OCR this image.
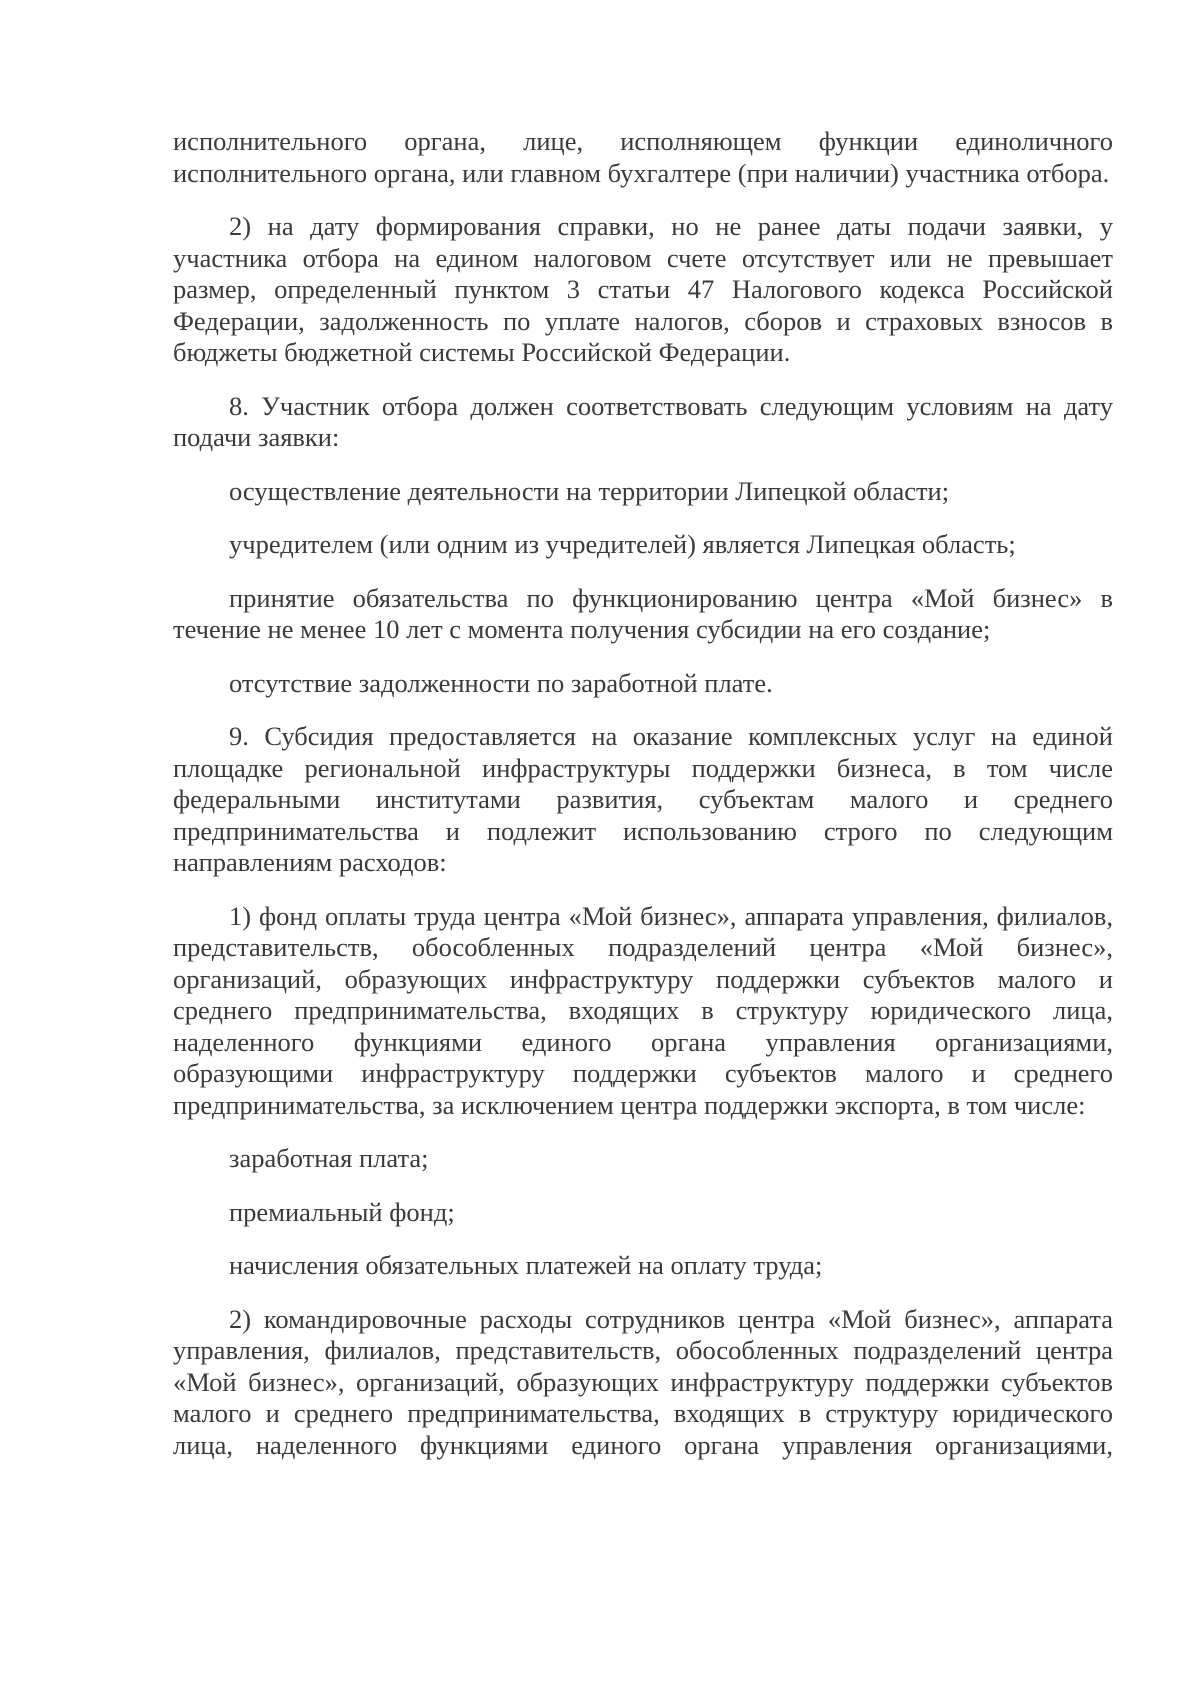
исполнительного органа, лице, исполняющем функции единоличного исполнительного органа, или главном бухгалтере (при наличии) участника отбора.

2) на дату формирования справки, но не ранее даты подачи заявки, у участника отбора на едином налоговом счете отсутствует или не превышает размер, определенный пунктом 3 статьи 47 Налогового кодекса Российской Федерации, задолженность по уплате налогов, сборов и страховых взносов в бюджеты бюджетной системы Российской Федерации.

8. Участник отбора должен соответствовать следующим условиям на дату подачи заявки:

осуществление деятельности на территории Липецкой области;

учредителем (или одним из учредителей) является Липецкая область;

принятие обязательства по функционированию центра «Мой бизнес» в течение не менее 10 лет с момента получения субсидии на его создание;

отсутствие задолженности по заработной плате.

9. Субсидия предоставляется на оказание комплексных услуг на единой площадке региональной инфраструктуры поддержки бизнеса, в том числе федеральными институтами развития, субъектам малого и среднего предпринимательства и подлежит использованию строго по следующим направлениям расходов:

1) фонд оплаты труда центра «Мой бизнес», аппарата управления, филиалов, представительств, обособленных подразделений центра «Мой бизнес», организаций, образующих инфраструктуру поддержки субъектов малого и среднего предпринимательства, входящих в структуру юридического лица, наделенного функциями единого органа управления организациями, образующими инфраструктуру поддержки субъектов малого и среднего предпринимательства, за исключением центра поддержки экспорта, в том числе:

заработная плата;

премиальный фонд;

начисления обязательных платежей на оплату труда;

2) командировочные расходы сотрудников центра «Мой бизнес», аппарата управления, филиалов, представительств, обособленных подразделений центра «Мой бизнес», организаций, образующих инфраструктуру поддержки субъектов малого и среднего предпринимательства, входящих в структуру юридического лица, наделенного функциями единого органа управления организациями,
